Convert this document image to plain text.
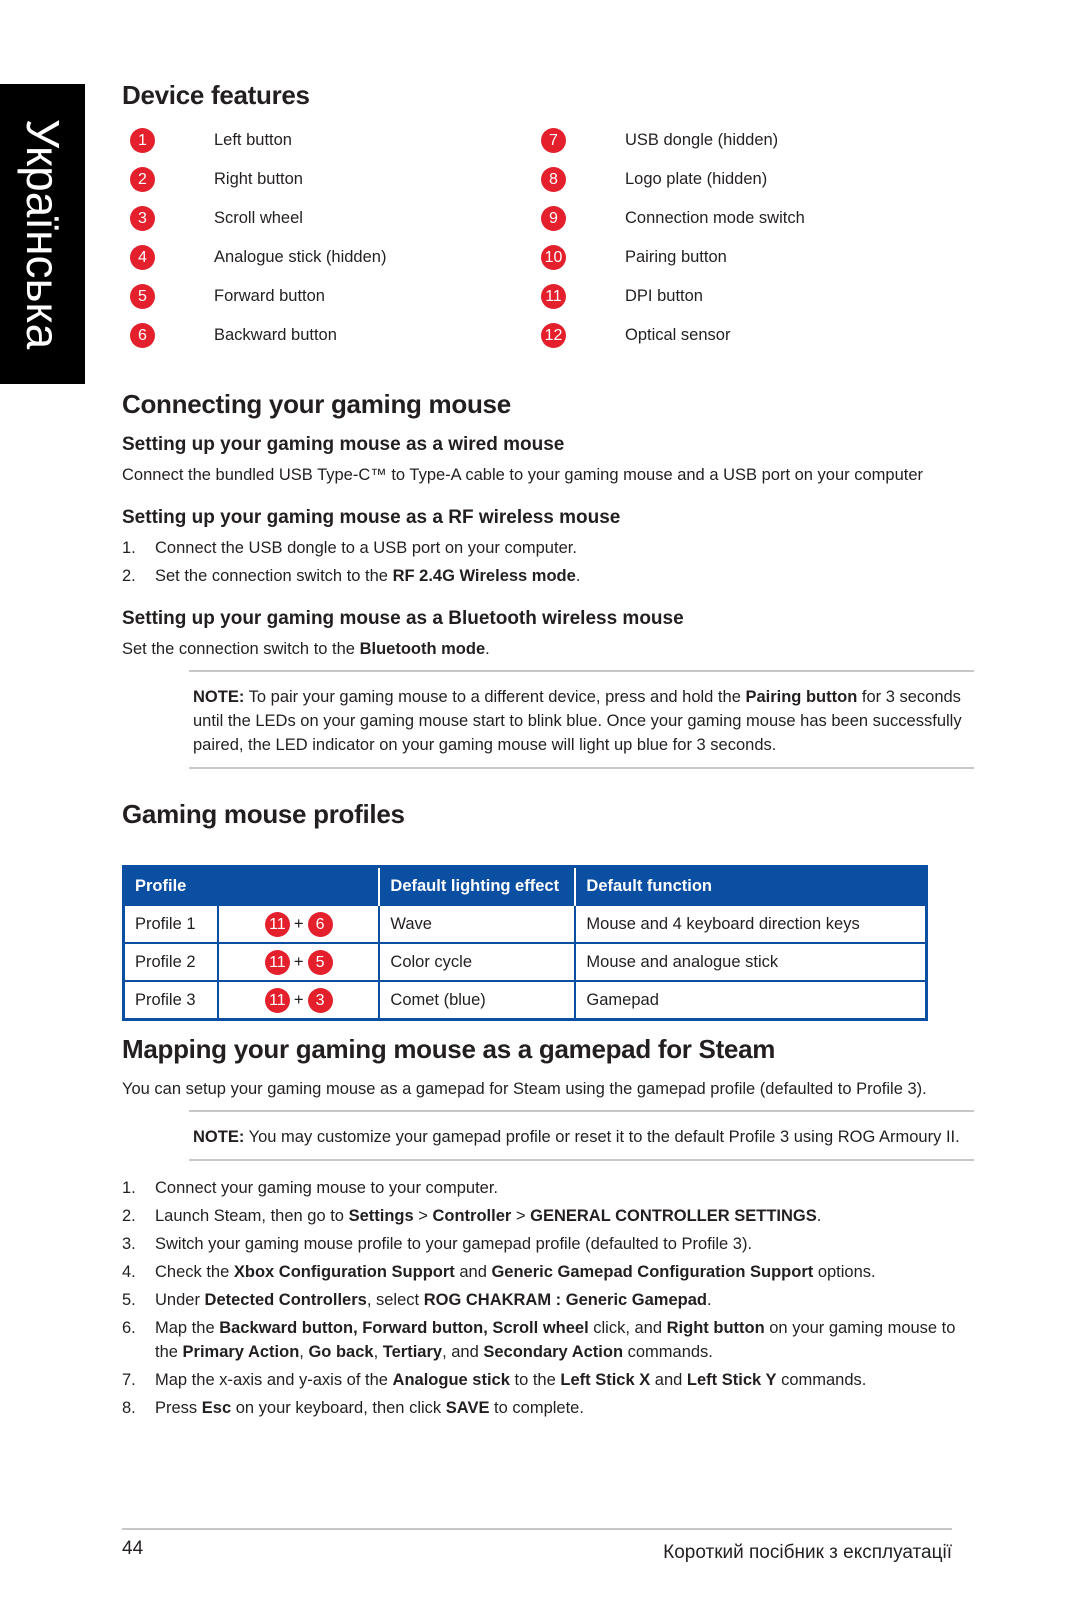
Українська
Device features
1	Left button
2	Right button
3	Scroll wheel
4	Analogue stick (hidden)
5	Forward button
6	Backward button
7	USB dongle (hidden)
8	Logo plate (hidden)
9	Connection mode switch
10	Pairing button
11	DPI button
12	Optical sensor
Connecting your gaming mouse
Setting up your gaming mouse as a wired mouse
Connect the bundled USB Type-C™ to Type-A cable to your gaming mouse and a USB port on your computer
Setting up your gaming mouse as a RF wireless mouse
1. Connect the USB dongle to a USB port on your computer.
2. Set the connection switch to the RF 2.4G Wireless mode.
Setting up your gaming mouse as a Bluetooth wireless mouse
Set the connection switch to the Bluetooth mode.
NOTE: To pair your gaming mouse to a different device, press and hold the Pairing button for 3 seconds until the LEDs on your gaming mouse start to blink blue. Once your gaming mouse has been successfully paired, the LED indicator on your gaming mouse will light up blue for 3 seconds.
Gaming mouse profiles
Profile		Default lighting effect	Default function
Profile 1	11 + 6	Wave	Mouse and 4 keyboard direction keys
Profile 2	11 + 5	Color cycle	Mouse and analogue stick
Profile 3	11 + 3	Comet (blue)	Gamepad
Mapping your gaming mouse as a gamepad for Steam
You can setup your gaming mouse as a gamepad for Steam using the gamepad profile (defaulted to Profile 3).
NOTE: You may customize your gamepad profile or reset it to the default Profile 3 using ROG Armoury II.
1. Connect your gaming mouse to your computer.
2. Launch Steam, then go to Settings > Controller > GENERAL CONTROLLER SETTINGS.
3. Switch your gaming mouse profile to your gamepad profile (defaulted to Profile 3).
4. Check the Xbox Configuration Support and Generic Gamepad Configuration Support options.
5. Under Detected Controllers, select ROG CHAKRAM : Generic Gamepad.
6. Map the Backward button, Forward button, Scroll wheel click, and Right button on your gaming mouse to the Primary Action, Go back, Tertiary, and Secondary Action commands.
7. Map the x-axis and y-axis of the Analogue stick to the Left Stick X and Left Stick Y commands.
8. Press Esc on your keyboard, then click SAVE to complete.
44	Короткий посібник з експлуатації
